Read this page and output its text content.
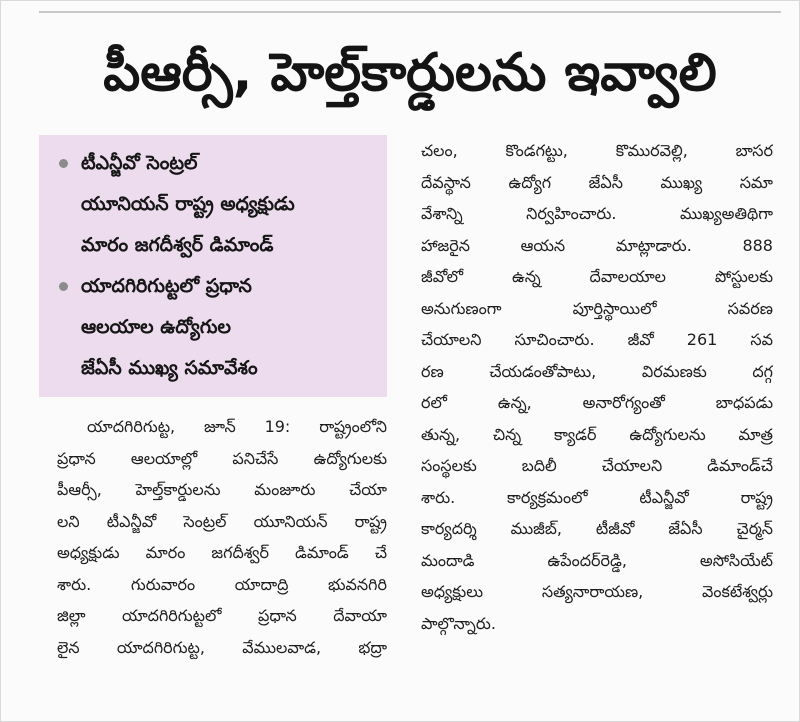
పీఆర్సీ, హెల్త్‌కార్డులను ఇవ్వాలి
టీఎన్జీవో సెంట్రల్
యూనియన్ రాష్ట్ర అధ్యక్షుడు
మారం జగదీశ్వర్ డిమాండ్
యాదగిరిగుట్టలో ప్రధాన
ఆలయాల ఉద్యోగుల
జేఏసీ ముఖ్య సమావేశం
యాదగిరిగుట్ట, జూన్ 19: రాష్ట్రంలోని
ప్రధాన ఆలయాల్లో పనిచేసే ఉద్యోగులకు
పీఆర్సీ, హెల్త్‌కార్డులను మంజూరు చేయా
లని టీఎన్జీవో సెంట్రల్ యూనియన్ రాష్ట్ర
అధ్యక్షుడు మారం జగదీశ్వర్ డిమాండ్ చే
శారు. గురువారం యాదాద్రి భువనగిరి
జిల్లా యాదగిరిగుట్టలో ప్రధాన దేవాయా
లైన యాదగిరిగుట్ట, వేములవాడ, భద్రా
చలం, కొండగట్టు, కొమురవెల్లి, బాసర
దేవస్థాన ఉద్యోగ జేఏసీ ముఖ్య సమా
వేశాన్ని నిర్వహించారు. ముఖ్యఅతిథిగా
హాజరైన ఆయన మాట్లాడారు. 888
జీవోలో ఉన్న దేవాలయాల పోస్టులకు
అనుగుణంగా పూర్తిస్థాయిలో సవరణ
చేయాలని సూచించారు. జీవో 261 సవ
రణ చేయడంతోపాటు, విరమణకు దగ్గ
రలో ఉన్న, అనారోగ్యంతో బాధపడు
తున్న, చిన్న క్యాడర్ ఉద్యోగులను మాత్ర
సంస్థలకు బదిలీ చేయాలని డిమాండ్‌చే
శారు. కార్యక్రమంలో టీఎన్జీవో రాష్ట్ర
కార్యదర్శి ముజీబ్, టీజీవో జేఏసీ చైర్మన్
మందాడి ఉపేందర్‌రెడ్డి, అసోసియేట్
అధ్యక్షులు సత్యనారాయణ, వెంకటేశ్వర్లు
పాల్గొన్నారు.
